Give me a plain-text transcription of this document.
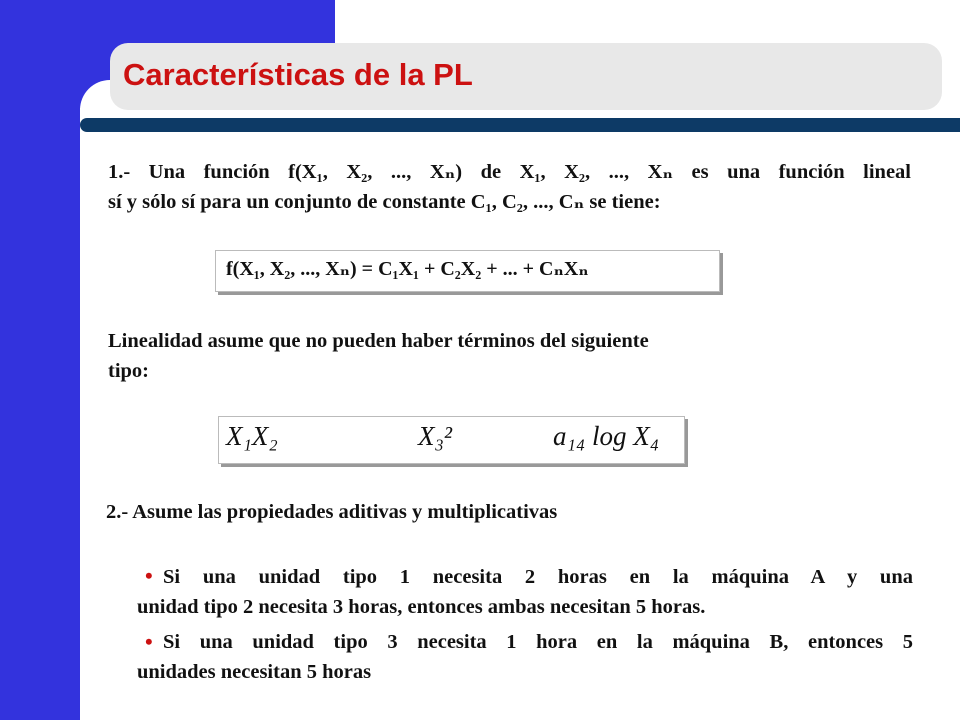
Características de la PL
1.- Una función f(X₁, X₂, ..., Xₙ) de X₁, X₂, ..., Xₙ es una función lineal
sí y sólo sí para un conjunto de constante C₁, C₂, ..., Cₙ se tiene:
f(X₁, X₂, ..., Xₙ) = C₁X₁ + C₂X₂ + ... + CₙXₙ
Linealidad asume que no pueden haber términos del siguiente
tipo:
X₁X₂	X₃²	a₁₄ log X₄
2.- Asume las propiedades aditivas y multiplicativas
• Si una unidad tipo 1 necesita 2 horas en la máquina A y una
unidad tipo 2 necesita 3 horas, entonces ambas necesitan 5 horas.
• Si una unidad tipo 3 necesita 1 hora en la máquina B, entonces 5
unidades necesitan 5 horas
